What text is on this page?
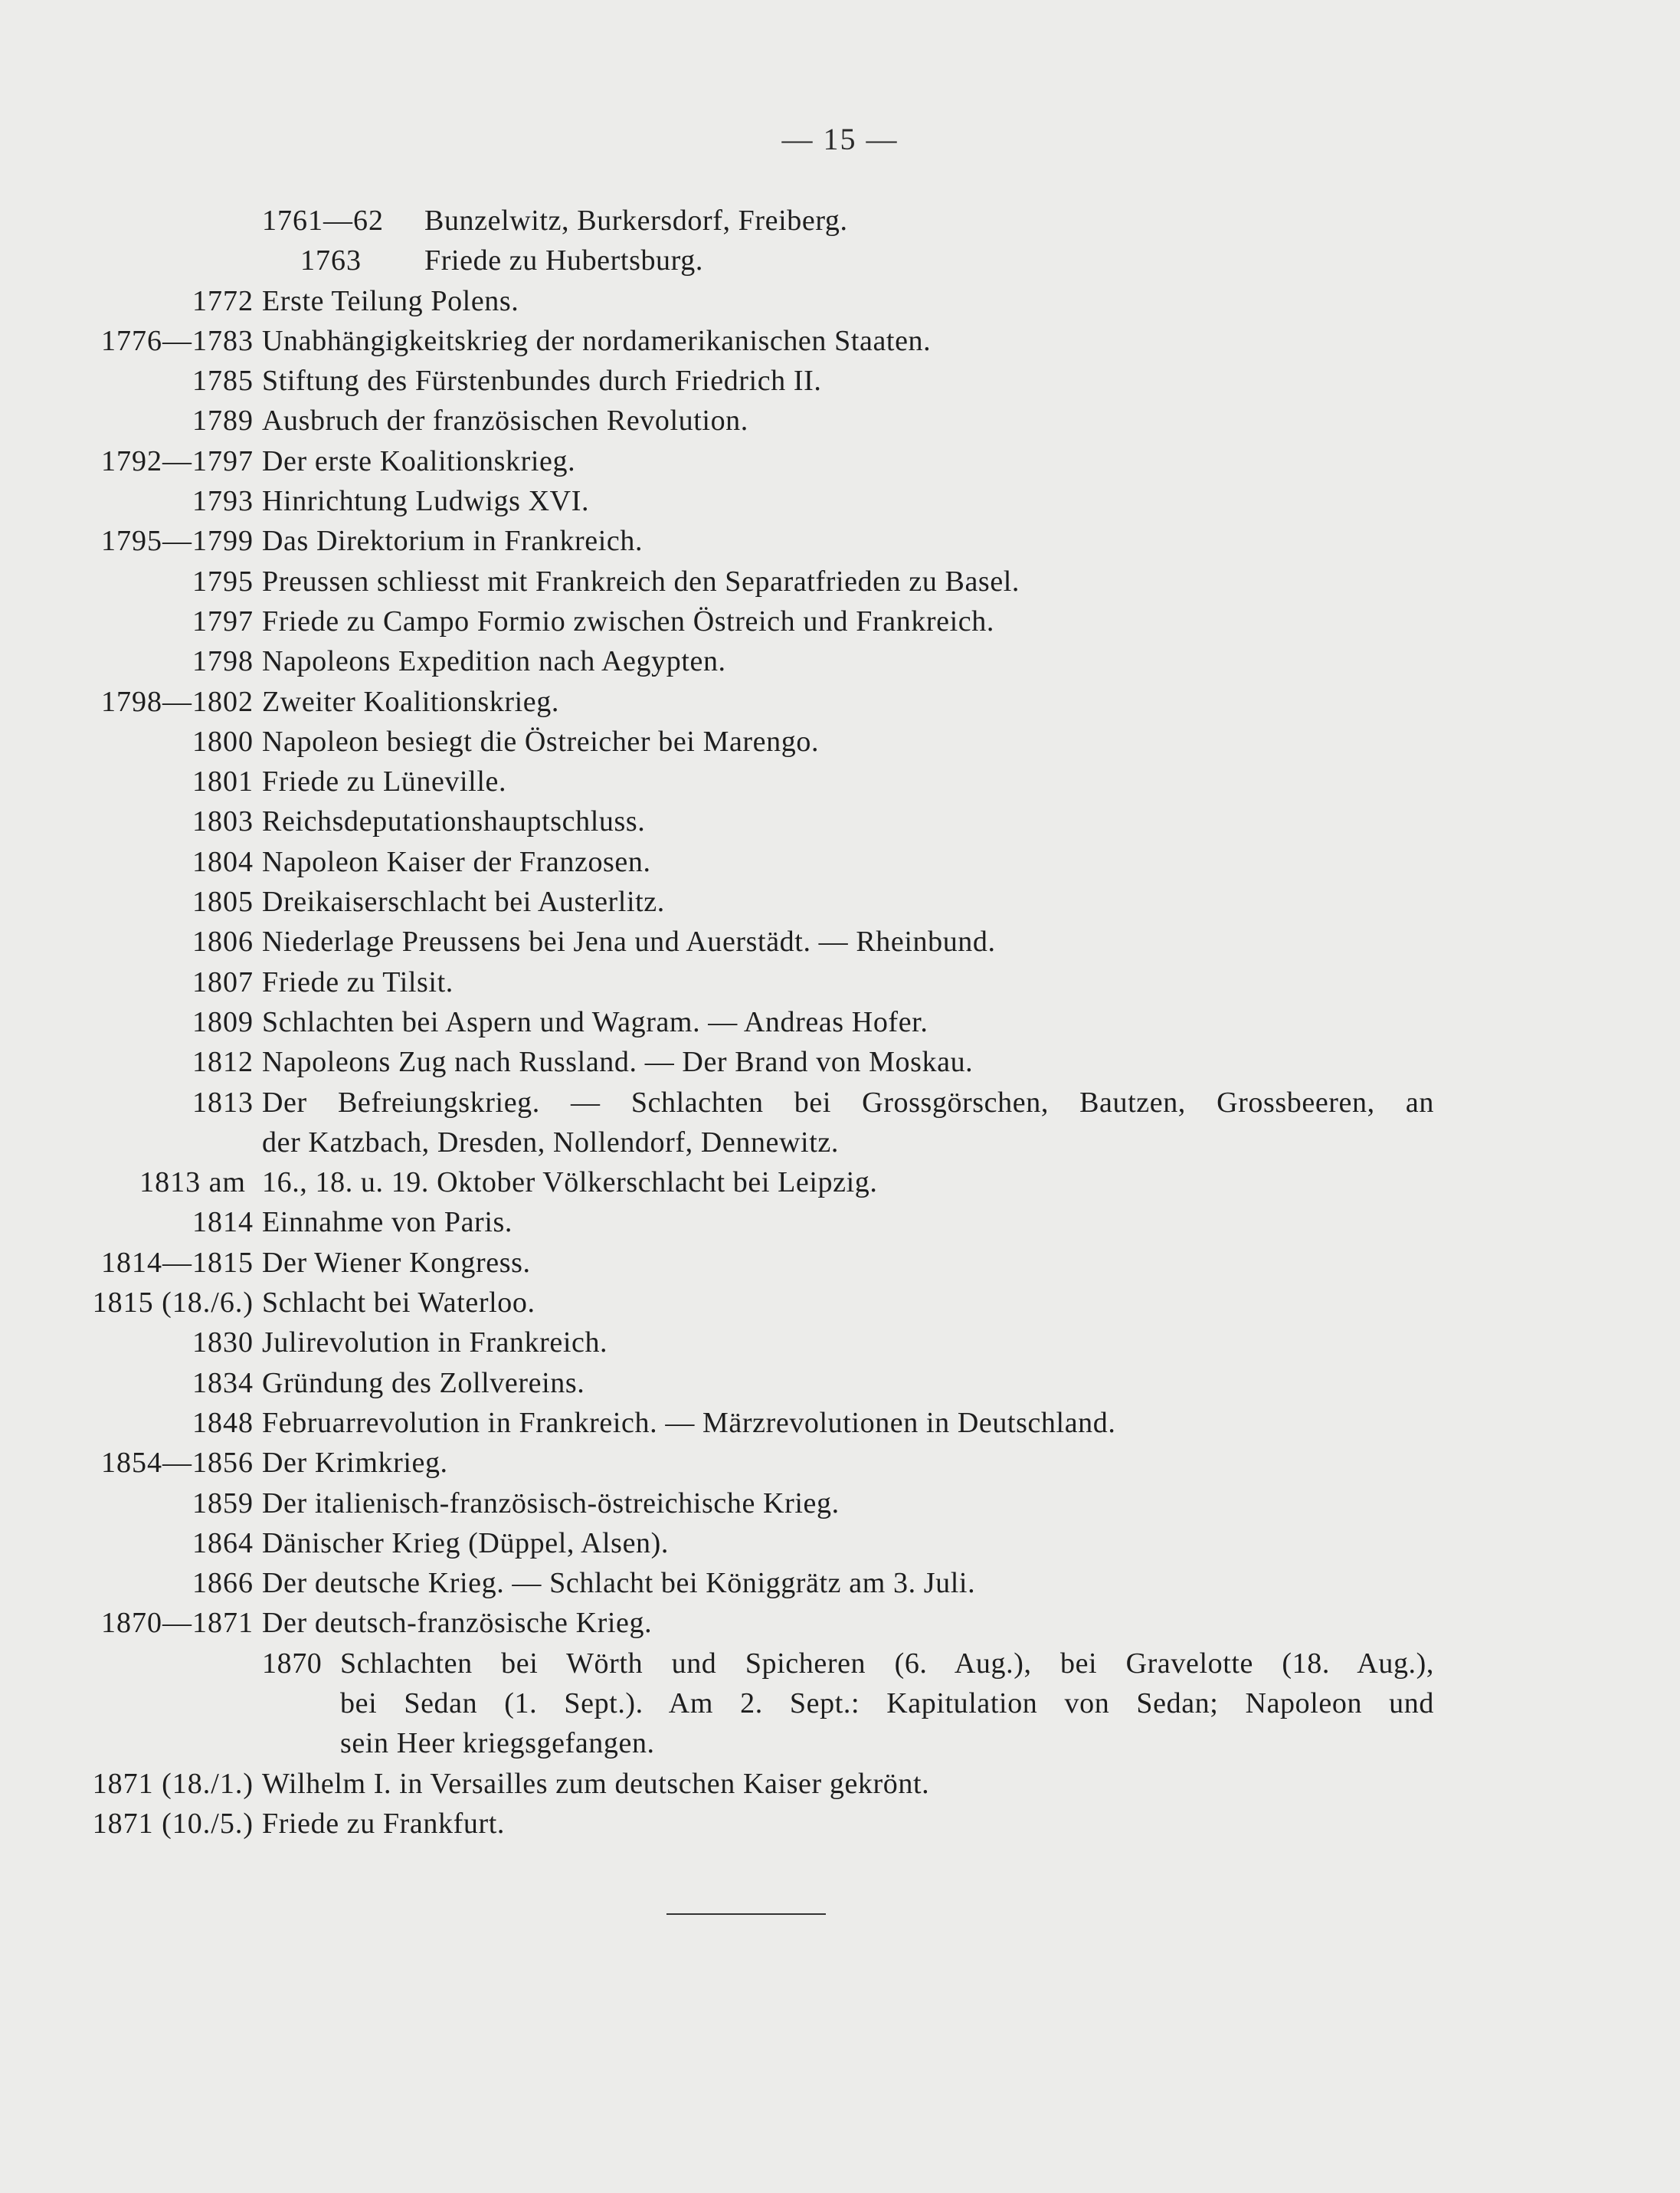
— 15 —
1761—62 Bunzelwitz, Burkersdorf, Freiberg.
1763 Friede zu Hubertsburg.
1772 Erste Teilung Polens.
1776—1783 Unabhängigkeitskrieg der nordamerikanischen Staaten.
1785 Stiftung des Fürstenbundes durch Friedrich II.
1789 Ausbruch der französischen Revolution.
1792—1797 Der erste Koalitionskrieg.
1793 Hinrichtung Ludwigs XVI.
1795—1799 Das Direktorium in Frankreich.
1795 Preussen schliesst mit Frankreich den Separatfrieden zu Basel.
1797 Friede zu Campo Formio zwischen Östreich und Frankreich.
1798 Napoleons Expedition nach Aegypten.
1798—1802 Zweiter Koalitionskrieg.
1800 Napoleon besiegt die Östreicher bei Marengo.
1801 Friede zu Lüneville.
1803 Reichsdeputationshauptschluss.
1804 Napoleon Kaiser der Franzosen.
1805 Dreikaiserschlacht bei Austerlitz.
1806 Niederlage Preussens bei Jena und Auerstädt. — Rheinbund.
1807 Friede zu Tilsit.
1809 Schlachten bei Aspern und Wagram. — Andreas Hofer.
1812 Napoleons Zug nach Russland. — Der Brand von Moskau.
1813 Der Befreiungskrieg. — Schlachten bei Grossgörschen, Bautzen, Grossbeeren, an
der Katzbach, Dresden, Nollendorf, Dennewitz.
1813 am 16., 18. u. 19. Oktober Völkerschlacht bei Leipzig.
1814 Einnahme von Paris.
1814—1815 Der Wiener Kongress.
1815 (18./6.) Schlacht bei Waterloo.
1830 Julirevolution in Frankreich.
1834 Gründung des Zollvereins.
1848 Februarrevolution in Frankreich. — Märzrevolutionen in Deutschland.
1854—1856 Der Krimkrieg.
1859 Der italienisch-französisch-östreichische Krieg.
1864 Dänischer Krieg (Düppel, Alsen).
1866 Der deutsche Krieg. — Schlacht bei Königgrätz am 3. Juli.
1870—1871 Der deutsch-französische Krieg.
1870 Schlachten bei Wörth und Spicheren (6. Aug.), bei Gravelotte (18. Aug.),
bei Sedan (1. Sept.). Am 2. Sept.: Kapitulation von Sedan; Napoleon und
sein Heer kriegsgefangen.
1871 (18./1.) Wilhelm I. in Versailles zum deutschen Kaiser gekrönt.
1871 (10./5.) Friede zu Frankfurt.
